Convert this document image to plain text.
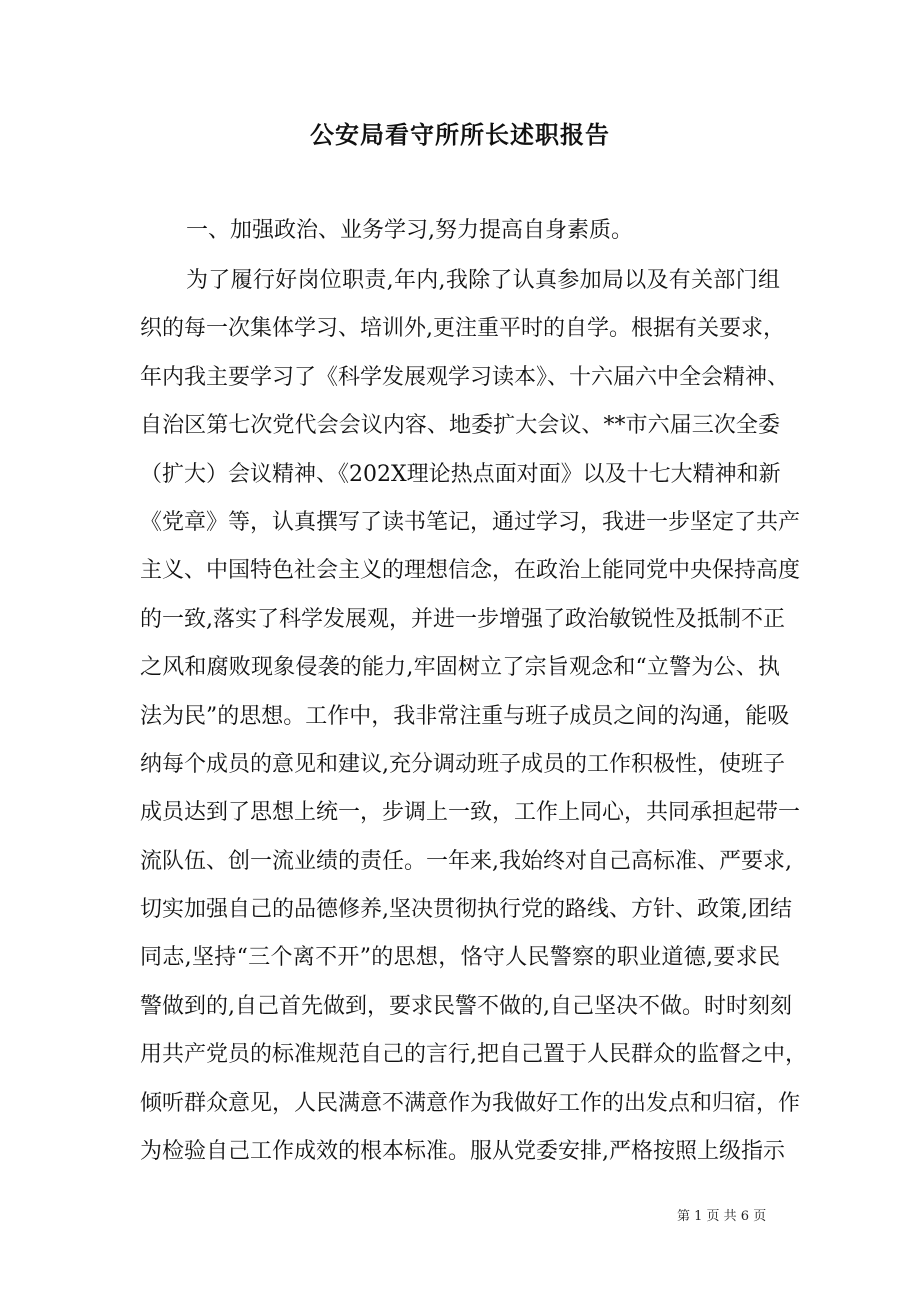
公安局看守所所长述职报告
一、加强政治、业务学习,努力提高自身素质。
为了履行好岗位职责,年内,我除了认真参加局以及有关部门组
织的每一次集体学习、培训外,更注重平时的自学。根据有关要求，
年内我主要学习了《科学发展观学习读本》、十六届六中全会精神、
自治区第七次党代会会议内容、地委扩大会议、**市六届三次全委
（扩大）会议精神、《202X理论热点面对面》以及十七大精神和新
《党章》等，认真撰写了读书笔记，通过学习，我进一步坚定了共产
主义、中国特色社会主义的理想信念，在政治上能同党中央保持高度
的一致,落实了科学发展观，并进一步增强了政治敏锐性及抵制不正
之风和腐败现象侵袭的能力,牢固树立了宗旨观念和“立警为公、执
法为民”的思想。工作中，我非常注重与班子成员之间的沟通，能吸
纳每个成员的意见和建议,充分调动班子成员的工作积极性，使班子
成员达到了思想上统一，步调上一致，工作上同心，共同承担起带一
流队伍、创一流业绩的责任。一年来,我始终对自己高标准、严要求,
切实加强自己的品德修养,坚决贯彻执行党的路线、方针、政策,团结
同志,坚持“三个离不开”的思想，恪守人民警察的职业道德,要求民
警做到的,自己首先做到，要求民警不做的,自己坚决不做。时时刻刻
用共产党员的标准规范自己的言行,把自己置于人民群众的监督之中，
倾听群众意见，人民满意不满意作为我做好工作的出发点和归宿，作
为检验自己工作成效的根本标准。服从党委安排,严格按照上级指示
第 1 页 共 6 页
